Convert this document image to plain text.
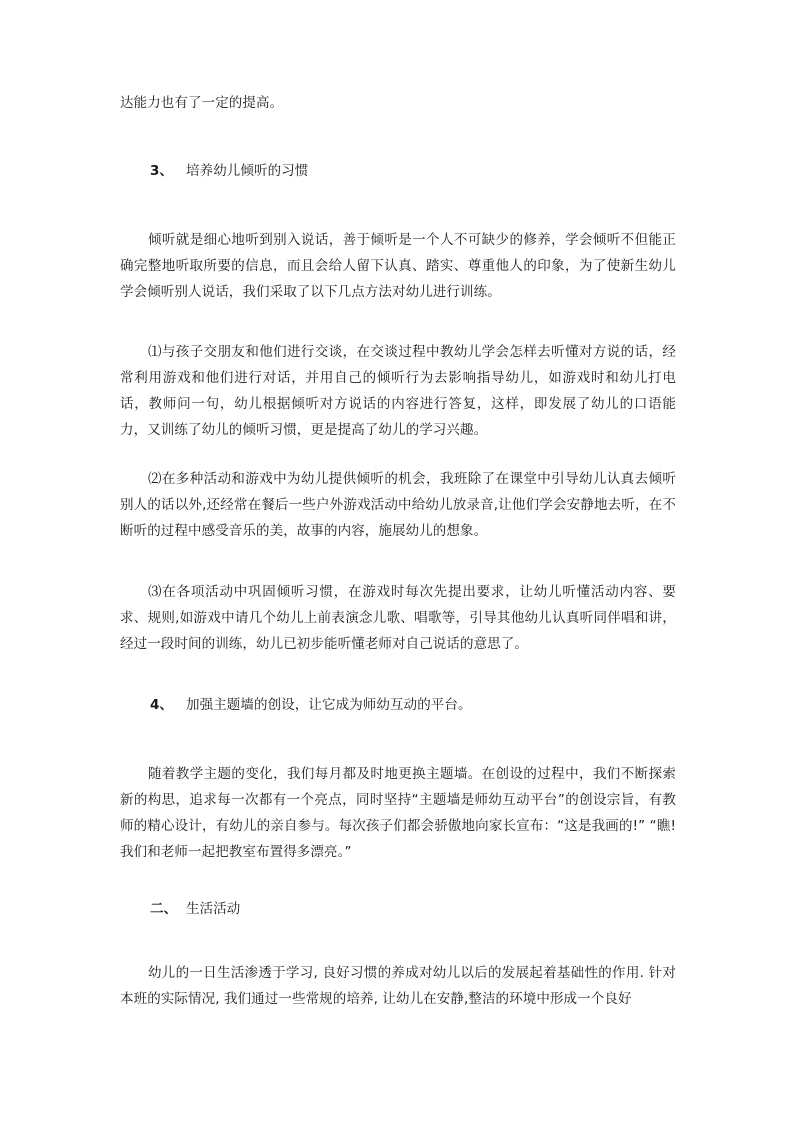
达能力也有了一定的提高。
3、 培养幼儿倾听的习惯
倾听就是细心地听到别入说话，善于倾听是一个人不可缺少的修养，学会倾听不但能正确完整地听取所要的信息，而且会给人留下认真、踏实、尊重他人的印象，为了使新生幼儿学会倾听别人说话，我们采取了以下几点方法对幼儿进行训练。
⑴与孩子交朋友和他们进行交谈，在交谈过程中教幼儿学会怎样去听懂对方说的话，经常利用游戏和他们进行对话，并用自己的倾听行为去影响指导幼儿，如游戏时和幼儿打电话，教师问一句，幼儿根据倾听对方说话的内容进行答复，这样，即发展了幼儿的口语能力，又训练了幼儿的倾听习惯，更是提高了幼儿的学习兴趣。
⑵在多种活动和游戏中为幼儿提供倾听的机会，我班除了在课堂中引导幼儿认真去倾听别人的话以外,还经常在餐后一些户外游戏活动中给幼儿放录音,让他们学会安静地去听，在不断听的过程中感受音乐的美，故事的内容，施展幼儿的想象。
⑶在各项活动中巩固倾听习惯，在游戏时每次先提出要求，让幼儿听懂活动内容、要求、规则,如游戏中请几个幼儿上前表演念儿歌、唱歌等，引导其他幼儿认真听同伴唱和讲，经过一段时间的训练，幼儿已初步能听懂老师对自己说话的意思了。
4、 加强主题墙的创设，让它成为师幼互动的平台。
随着教学主题的变化，我们每月都及时地更换主题墙。在创设的过程中，我们不断探索新的构思，追求每一次都有一个亮点，同时坚持“主题墙是师幼互动平台”的创设宗旨，有教师的精心设计，有幼儿的亲自参与。每次孩子们都会骄傲地向家长宣布：“这是我画的!” “瞧!我们和老师一起把教室布置得多漂亮。”
二、 生活活动
幼儿的一日生活渗透于学习, 良好习惯的养成对幼儿以后的发展起着基础性的作用. 针对本班的实际情况, 我们通过一些常规的培养, 让幼儿在安静,整洁的环境中形成一个良好
